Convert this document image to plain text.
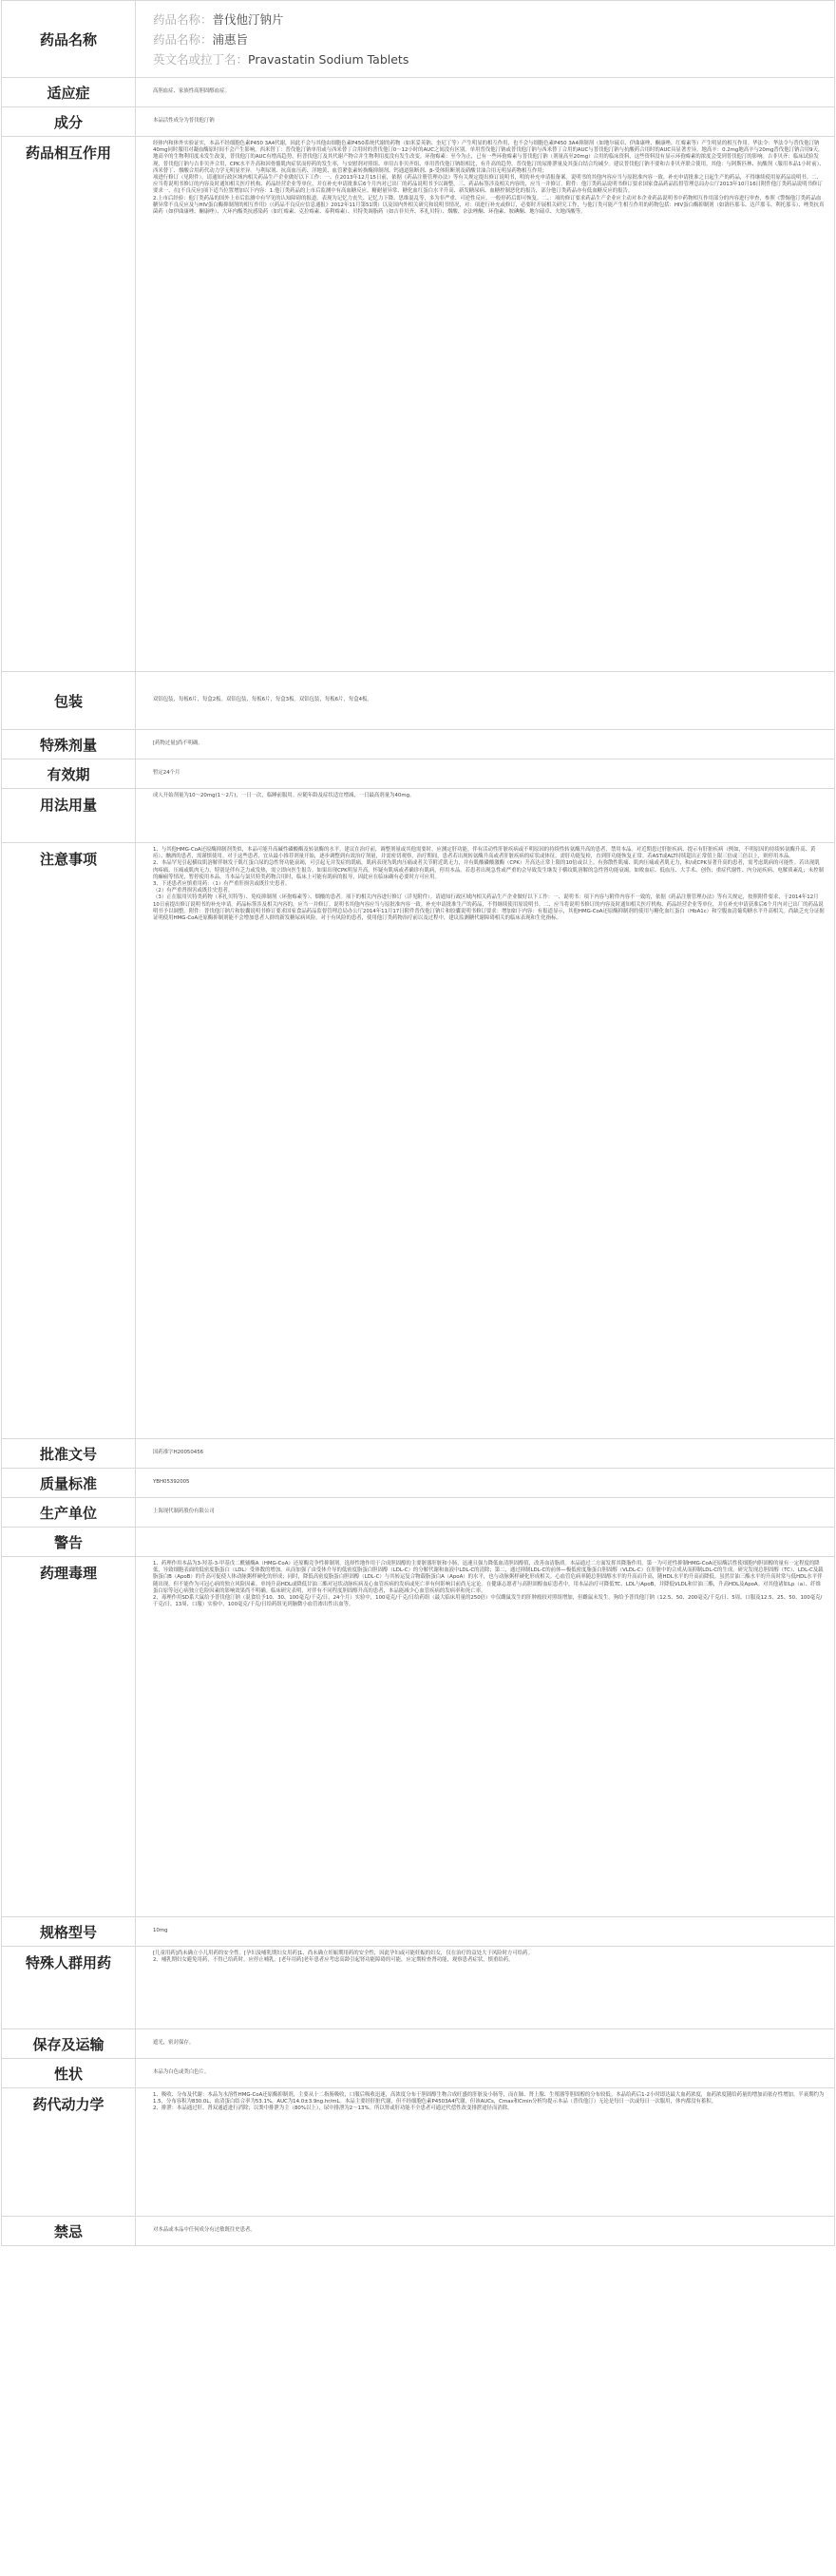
药品名称	药品名称：普伐他汀钠片
药品名称：浦惠旨
英文名或拉丁名：Pravastatin Sodium Tablets

适应症	高胆血症、家族性高胆固醇血症。

成分	本品活性成分为普伐他汀钠

药品相互作用	经体内和体外实验证实，本品不经细胞色素P450 3A4代谢，因此不会与其他由细胞色素P450系统代谢的药物（如米妥英钠、奎尼丁等）产生明显的相互作用，也不会与细胞色素P450 3A4抑制剂（如地尔硫卓、伊曲康唑、酮康唑、红霉素等）产生明显的相互作用。华法令：华法令与普伐他汀钠40mg同时服用对凝血酶原时间不会产生影响。西米替丁：普伐他汀钠单用或与西米替丁合用时的普伐他汀0～12小时的AUC之间没有区别。单用普伐他汀钠或普伐他汀钠与西米替丁合用的AUC与普伐他汀钠与抗酸药合用时的AUC具显著差异。地高辛：0.2mg地高辛与20mg普伐他汀钠合用9天，地高辛的生物利用度未发生改变，普伐他汀的AUC有增高趋势，但普伐他汀及其代谢产物合并生物利用度没有发生改变。环孢霉素：至今为止，已有一些环孢霉素与普伐他汀钠（剂量高至20mg）合用的临床资料，这些资料没有显示环孢霉素的浓度会受到普伐他汀的影响。吉非贝齐：临床试验发现，普伐他汀钠与吉非贝齐合用，CPK水平升高和因骨骼肌肉症状而停药的发生率，与安慰剂对照组、单用吉非贝齐组、单用普伐他汀钠组相比，有升高的趋势，普伐他汀的尿排泄量及其蛋白结合均减少。建议普伐他汀钠不要和吉非贝齐联合使用。其他：与阿斯匹林、抗酸剂（服用本品1小时前）、西米替丁、烟酸合用药代动力学无明显差异。与利尿剂、抗高血压药、洋地黄、血管紧张素转换酶抑制剂、钙通道阻断剂、β-受体阻断剂及硝酸甘油合用无明显药物相互作用；

项进行修订（见附件）。请通知行政区域内相关药品生产企业做好以下工作：一、在2013年12月15日前，依据《药品注册管理办法》等有关规定提出修订说明书，明的补充申请报备案。说明书的其他内容应当与原批准内容一致。补充申请批准之日起生产的药品，不得继续使用原药品说明书。二、应当将说明书修订的内容及时通知相关医疗机构、药品经营企业等单位，并在补充申请批准后6个月内对已出厂的药品说明书予以调整。三、药品标签涉及相关内容的，应当一并修订。附件：他汀类药品说明书修订要求国家食品药品监督管理总局办公厅2013年10月16日附件他汀类药品说明书修订要求一、在[不良反应]项下适当位置增加以下内容：1.他汀类药品的上市后监测中有高血糖反应、糖耐量异常、糖化血红蛋白水平升高、新发糖尿病、血糖控制恶化的报告，部分他汀类药品亦有低血糖反应的报告。

2.上市后经验：他汀类药品的国外上市后监测中有罕见的认知障碍的报道，表现为记忆力丧失、记忆力下降、思维混乱等，多为非严重、可逆性反应，一般停药后即可恢复。二、：项的修订要求药品生产企业应主动对本企业药品说明书中药物相互作用部分的内容进行审查，参照《警惕他汀类药品血糖异常不良反应及与HIV蛋白酶抑制剂的相互作用》（《药品不良反应信息通报》2012年11月第51期）以及国内外相关研究和说明书情况，对：项进行补充或修订，必要时开展相关研究工作，与他汀类可能产生相互作用的药物包括：HIV蛋白酶抑制剂（如洛匹那韦、达芦那韦、利托那韦）、唑类抗真菌药（如伊曲康唑、酮康唑）、大环内酯类抗感染药（如红霉素、克拉霉素、泰利霉素）、贝特类调脂药（如吉非贝齐、苯扎贝特）、烟酸、奈法唑酮、环孢素、胺碘酮、地尔硫卓、夫地西酸等。

包装	双铝包装，每板6片，每盒2板。双铝包装，每板6片，每盒3板。双铝包装，每板6片，每盒4板。

特殊剂量	[药物过量]尚不明确。

有效期	暂定24个月

用法用量	成人开始剂量为10～20mg(1～2片)，一日一次，临睡前服用。应随年龄及症状适宜增减，一日最高剂量为40mg。

注意事项	1、与其他HMG-CoA还原酶抑制剂类似，本品可能升高碱性磷酸酶及转氨酶的水平。建议在治疗前，调整剂量或其他需要时，应测定肝功能。伴有活动性肝脏疾病或不明原因的持续性转氨酶升高的患者，禁用本品。对近期患过肝脏疾病、提示有肝脏疾病（例如，不明原因的持续转氨酶升高、黄疸）、酗酒的患者，需谨慎使用。对于这些患者，宜从最小推荐剂量开始，逐步调整到有效治疗剂量，并需密切观察，治疗期间，患者若出现转氨酶升高或者肝脏疾病的症状或体征，需肝功能复检，直到肝功能恢复正常。若AST或ALT持续超出正常值上限三倍或三倍以上，则停用本品。

2、本品罕见引起横纹肌溶解伴继发于肌红蛋白尿的急性肾功能衰竭，可引起无并发症的肌痛，肌病表现为肌肉压痛或者关节附近肌无力，并有肌酸磷酸激酶（CPK）升高达正常上限的10倍或以上。有弥散性肌痛、肌肉压痛或者肌无力，和/或CPK显著升高的患者，需考虑肌病的可能性。若出现肌肉疼痛、压痛或肌肉无力，特别是伴有乏力或发热，需立即向医生报告。如果出现CPK明显升高，怀疑有肌病或者确诊有肌病，停用本品。若患者出现急性或严重的会导致发生继发于横纹肌溶解的急性肾功能衰竭，如败血症、低血压、大手术、创伤；重症代谢性、内分泌疾病、电解质紊乱；未控制的癫痫等情况，暂停使用本品。当本品与氯贝特类药物合用时，临床上可能有肌病的报导，因此应在临床确有必要时方可应用。

3、下述患者应慎重用药：（1）有严重肝损害或既往史患者。

（2）有严重肾损害或既往史患者。

（3）正在服用贝特类药物（苯扎贝特等）、免疫抑制剂（环孢霉素等）、烟酸的患者。项下的相关内容进行修订（详见附件）。请通知行政区域内相关药品生产企业做好以下工作：一、说明书：项下内容与附件内容不一致的，依据《药品注册管理办法》等有关规定，按照附件要求，于2014年12月10日前提出修订说明书的补充申请。药品标签涉及相关内容的，应当一并修订。说明书其他内容应当与原批准内容一致。补充申请批准生产的药品，不得继续使用原说明书。二、应当将说明书修订的内容及时通知相关医疗机构、药品经营企业等单位，并在补充申请获准后6个月内对已出厂的药品说明书予以调整。附件：普伐他汀钠片和胶囊说明书修订要求国家食品药品监督管理总局办公厅2014年11月17日附件普伐他汀钠片和胶囊说明书修订要求：增加如下内容：有报道显示，其他HMG-CoA还原酶抑制剂的使用与糖化血红蛋白（HbA1c）和空腹血清葡萄糖水平升高相关。尚缺乏充分证据证明使用HMG-CoA还原酶抑制剂能不会增加患者人群的新发糖尿病风险。对于有风险的患者，使用他汀类药物治疗前以及过程中，建议监测糖代谢障碍相关的临床表现和生化指标。

批准文号	国药准字H20050456

质量标准	YBH05392005

生产单位	上海现代制药股份有限公司

警告	

药理毒理	1、药理作用本品为3-羟基-3-甲基戊二酰辅酶A（HMG-CoA）还原酶竞争性抑制剂。选择性地作用于合成胆固醇的主要脏器肝脏和小肠，迅速且强力降低血清胆固醇值，改善血清脂质。本品通过二方面发挥其降脂作用。第一为可逆性抑制HMG-CoA还原酶活性使细胞内胆固醇的量有一定程度的降低，导致细胞表面的低密度脂蛋白（LDL）受体数的增加，从而加强了由受体介导的低密度脂蛋白胆固醇（LDL-C）的分解代谢和血液中LDL-C的清除；第二，通过抑制LDL-C的前体—极低密度脂蛋白胆固醇（VLDL-C）在肝脏中的合成从而抑制LDL-C的生成。研究发现总胆固醇（TC）、LDL-C及载脂蛋白B（ApoB）的升高可促使人体动脉粥样硬化的形成；同时，降低高密度脂蛋白胆固醇（LDL-C）与其转运复合物载脂蛋白A（ApoA）的水平，也与动脉粥样硬化形成相关。心血管危病率随总胆固醇水平的升高而升高，随HDL水平的升高而降低。虽然甘油三酯水平的升高时常与低HDL水平伴随出现，但不能作为可冠心病的独立风险因素。单纯升高HDL或降低甘油三酯对冠状动脉疾病及心血管疾病的发病或死亡率有何影响目前尚无定论。在健康志愿者与高胆固醇血症患者中，用本品治疗可降低TC、LDL与ApoB，并降低VLDL和甘油三酯，升高HDL及ApoA。对其他诸如Lp（a）、纤维蛋白原等冠心病独立危险因素的影响效果尚不明确。临床研究表明，对伴有不同程度胆固醇升高的患者，本品能减少心血管疾病的发病率和死亡率。

2、毒理作用SD系大鼠给予普伐他汀钠（混食给予10、30、100毫克/千克/日，24个月）实验中，100毫克/千克/日给药组（最大临床用量的250倍）中仅雌鼠发生的肝肿瘤较对照组增加，但雌鼠未发生。狗给予普伐他汀钠（12.5、50、200毫克/千克/日、5周、口服及12.5、25、50、100毫克/千克/日、13周、口服）实验中，100毫克/千克/日给药组见到脑微小血管渗出性出血等。

规格型号	10mg

特殊人群用药	[儿童用药]尚未确立小儿用药的安全性。[孕妇及哺乳期妇女用药]1、尚未确立妊娠期用药的安全性，因此孕妇或可能妊娠的妇女，仅在治疗的益处大于风险时方可给药。

2、哺乳期妇女避免用药，不得已给药时，应停止哺乳。[老年用药]老年患者应考虑高龄引起肾功能障碍的可能，应定期检查肾功能，观察患者症状，慎重给药。

保存及运输	遮光，密封保存。

性状	本品为白色或类白色片。

药代动力学	1、吸收、分布及代谢：本品为水溶性HMG-CoA还原酶抑制剂，主要从十二指肠吸收，口服后吸收迅速，高浓度分布于胆固醇生物合成旺盛的肝脏及小肠等，而在肺、肾上腺、生殖器等胆固醇的分布较低。本品给药后1-2小时即达最大血药浓度，血药浓度随给药量的增加而依存性增加。半衰期约为1.5，分布容积为830.0L，血清蛋白结合率为53.1%，AUC为14.0±3.9ng.hr/mL。本品主要经肝脏代谢，但不经细胞色素P4503A4代谢，但该AUCs，Cmax和Cmin分析均提示本品（普伐他汀）无论是每日一次或每日一次服用，体内都没有蓄积。

2、排泄：本品通过肝、肾双通道进行消除；以粪中排泄为主（80%以上），尿中排泄为2～13%。所以肾或肝功能不全患者可通过代偿性改变排泄途径而消除。

禁忌	对本品或本品中任何成分有过敏既往史患者。
